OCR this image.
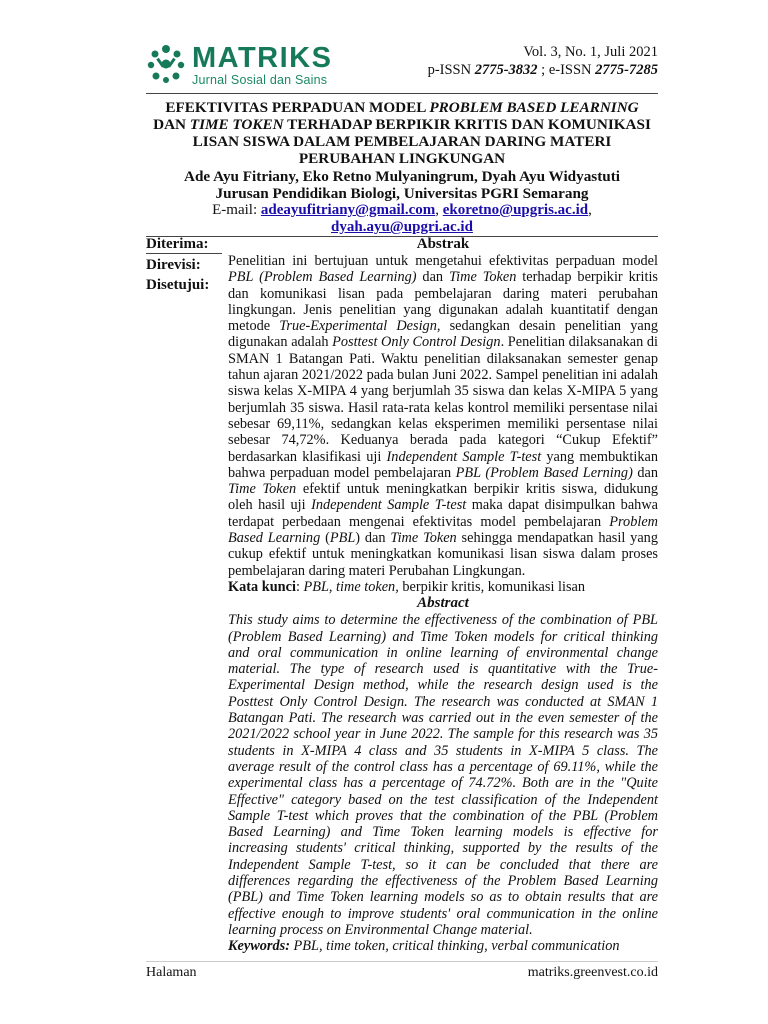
MATRIKS
Jurnal Sosial dan Sains
Vol. 3, No. 1, Juli 2021
p-ISSN 2775-3832 ; e-ISSN 2775-7285
EFEKTIVITAS PERPADUAN MODEL PROBLEM BASED LEARNING
DAN TIME TOKEN TERHADAP BERPIKIR KRITIS DAN KOMUNIKASI
LISAN SISWA DALAM PEMBELAJARAN DARING MATERI
PERUBAHAN LINGKUNGAN
Ade Ayu Fitriany, Eko Retno Mulyaningrum, Dyah Ayu Widyastuti
Jurusan Pendidikan Biologi, Universitas PGRI Semarang
E-mail: adeayufitriany@gmail.com, ekoretno@upgris.ac.id,
dyah.ayu@upgri.ac.id
Diterima:
Direvisi:
Disetujui:
Abstrak

Penelitian ini bertujuan untuk mengetahui efektivitas perpaduan model PBL (Problem Based Learning) dan Time Token terhadap berpikir kritis dan komunikasi lisan pada pembelajaran daring materi perubahan lingkungan. Jenis penelitian yang digunakan adalah kuantitatif dengan metode True-Experimental Design, sedangkan desain penelitian yang digunakan adalah Posttest Only Control Design. Penelitian dilaksanakan di SMAN 1 Batangan Pati. Waktu penelitian dilaksanakan semester genap tahun ajaran 2021/2022 pada bulan Juni 2022. Sampel penelitian ini adalah siswa kelas X-MIPA 4 yang berjumlah 35 siswa dan kelas X-MIPA 5 yang berjumlah 35 siswa. Hasil rata-rata kelas kontrol memiliki persentase nilai sebesar 69,11%, sedangkan kelas eksperimen memiliki persentase nilai sebesar 74,72%. Keduanya berada pada kategori “Cukup Efektif” berdasarkan klasifikasi uji Independent Sample T-test yang membuktikan bahwa perpaduan model pembelajaran PBL (Problem Based Lerning) dan Time Token efektif untuk meningkatkan berpikir kritis siswa, didukung oleh hasil uji Independent Sample T-test maka dapat disimpulkan bahwa terdapat perbedaan mengenai efektivitas model pembelajaran Problem Based Learning (PBL) dan Time Token sehingga mendapatkan hasil yang cukup efektif untuk meningkatkan komunikasi lisan siswa dalam proses pembelajaran daring materi Perubahan Lingkungan.

Kata kunci: PBL, time token, berpikir kritis, komunikasi lisan

Abstract

This study aims to determine the effectiveness of the combination of PBL (Problem Based Learning) and Time Token models for critical thinking and oral communication in online learning of environmental change material. The type of research used is quantitative with the True-Experimental Design method, while the research design used is the Posttest Only Control Design. The research was conducted at SMAN 1 Batangan Pati. The research was carried out in the even semester of the 2021/2022 school year in June 2022. The sample for this research was 35 students in X-MIPA 4 class and 35 students in X-MIPA 5 class. The average result of the control class has a percentage of 69.11%, while the experimental class has a percentage of 74.72%. Both are in the "Quite Effective" category based on the test classification of the Independent Sample T-test which proves that the combination of the PBL (Problem Based Learning) and Time Token learning models is effective for increasing students' critical thinking, supported by the results of the Independent Sample T-test, so it can be concluded that there are differences regarding the effectiveness of the Problem Based Learning (PBL) and Time Token learning models so as to obtain results that are effective enough to improve students' oral communication in the online learning process on Environmental Change material.

Keywords: PBL, time token, critical thinking, verbal communication

Halaman	matriks.greenvest.co.id
